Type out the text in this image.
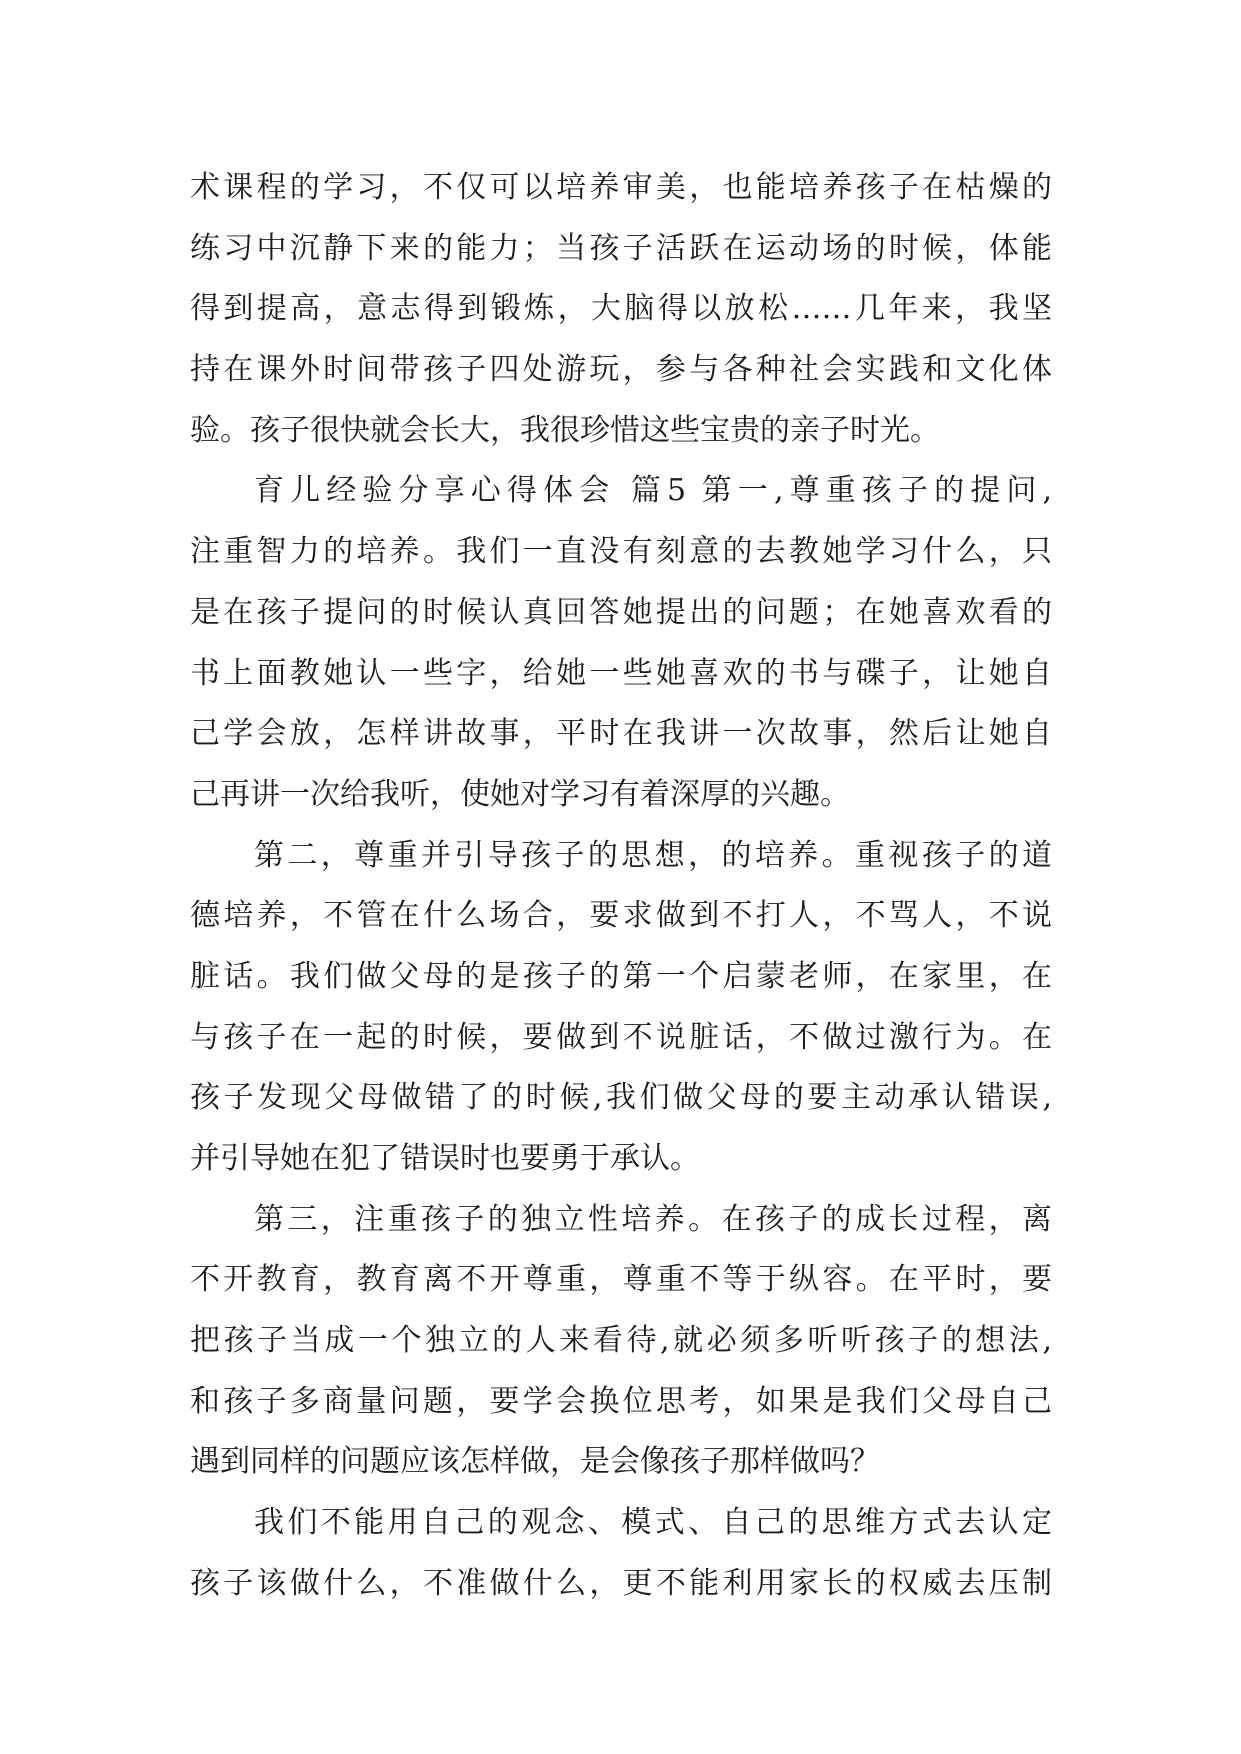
术课程的学习，不仅可以培养审美，也能培养孩子在枯燥的
练习中沉静下来的能力；当孩子活跃在运动场的时候，体能
得到提高，意志得到锻炼，大脑得以放松……几年来，我坚
持在课外时间带孩子四处游玩，参与各种社会实践和文化体
验。孩子很快就会长大，我很珍惜这些宝贵的亲子时光。
育儿经验分享心得体会 篇5 第一,尊重孩子的提问,
注重智力的培养。我们一直没有刻意的去教她学习什么，只
是在孩子提问的时候认真回答她提出的问题；在她喜欢看的
书上面教她认一些字，给她一些她喜欢的书与碟子，让她自
己学会放，怎样讲故事，平时在我讲一次故事，然后让她自
己再讲一次给我听，使她对学习有着深厚的兴趣。
第二，尊重并引导孩子的思想，的培养。重视孩子的道
德培养，不管在什么场合，要求做到不打人，不骂人，不说
脏话。我们做父母的是孩子的第一个启蒙老师，在家里，在
与孩子在一起的时候，要做到不说脏话，不做过激行为。在
孩子发现父母做错了的时候,我们做父母的要主动承认错误,
并引导她在犯了错误时也要勇于承认。
第三，注重孩子的独立性培养。在孩子的成长过程，离
不开教育，教育离不开尊重，尊重不等于纵容。在平时，要
把孩子当成一个独立的人来看待,就必须多听听孩子的想法,
和孩子多商量问题，要学会换位思考，如果是我们父母自己
遇到同样的问题应该怎样做，是会像孩子那样做吗？
我们不能用自己的观念、模式、自己的思维方式去认定
孩子该做什么，不准做什么，更不能利用家长的权威去压制
